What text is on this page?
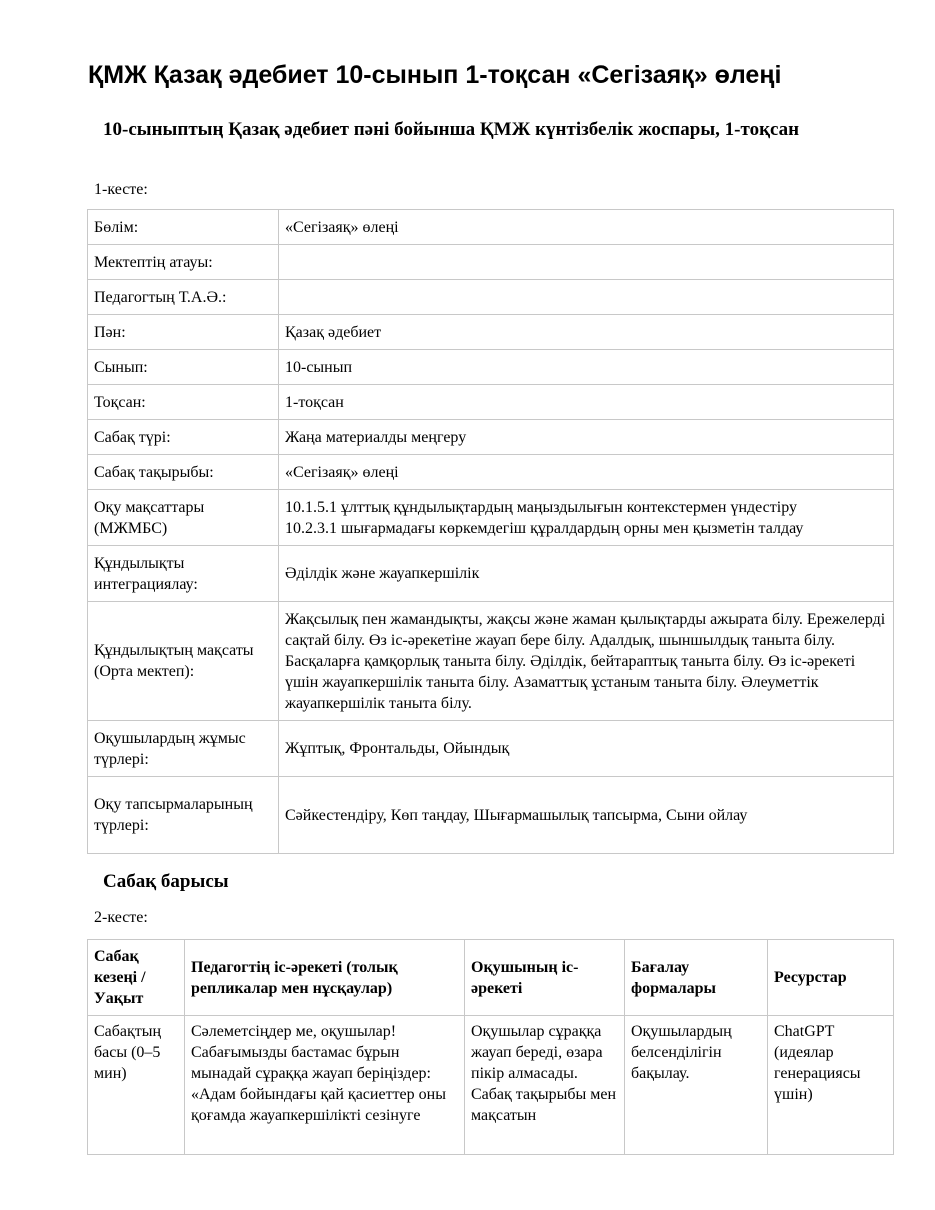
ҚМЖ Қазақ әдебиет 10-сынып 1-тоқсан «Сегізаяқ» өлеңі
10-сыныптың Қазақ әдебиет пәні бойынша ҚМЖ күнтізбелік жоспары, 1-тоқсан

1-кесте:

Бөлім:	«Сегізаяқ» өлеңі
Мектептің атауы:	
Педагогтың Т.А.Ә.:	
Пән:	Қазақ әдебиет
Сынып:	10-сынып
Тоқсан:	1-тоқсан
Сабақ түрі:	Жаңа материалды меңгеру
Сабақ тақырыбы:	«Сегізаяқ» өлеңі
Оқу мақсаттары (МЖМБС)	10.1.5.1 ұлттық құндылықтардың маңыздылығын контекстермен үндестіру
10.2.3.1 шығармадағы көркемдегіш құралдардың орны мен қызметін талдау

Құндылықты интеграциялау:	Әділдік және жауапкершілік
Құндылықтың мақсаты (Орта мектеп):	Жақсылық пен жамандықты, жақсы және жаман қылықтарды ажырата білу. Ережелерді сақтай білу. Өз іс-әрекетіне жауап бере білу. Адалдық, шыншылдық таныта білу. Басқаларға қамқорлық таныта білу. Әділдік, бейтараптық таныта білу. Өз іс-әрекеті үшін жауапкершілік таныта білу. Азаматтық ұстаным таныта білу. Әлеуметтік жауапкершілік таныта білу.
Оқушылардың жұмыс түрлері:	Жұптық, Фронтальды, Ойындық
Оқу тапсырмаларының түрлері:	Сәйкестендіру, Көп таңдау, Шығармашылық тапсырма, Сыни ойлау
Сабақ барысы

2-кесте:

Сабақ кезеңі / Уақыт	Педагогтің іс-әрекеті (толық репликалар мен нұсқаулар)	Оқушының іс-әрекеті	Бағалау формалары	Ресурстар
Сабақтың басы (0–5 мин)	Сәлеметсіңдер ме, оқушылар! Сабағымызды бастамас бұрын мынадай сұраққа жауап беріңіздер: «Адам бойындағы қай қасиеттер оны қоғамда жауапкершілікті сезінуге	Оқушылар сұраққа жауап береді, өзара пікір алмасады. Сабақ тақырыбы мен мақсатын	Оқушылардың белсенділігін бақылау.	ChatGPT (идеялар генерациясы үшін)
